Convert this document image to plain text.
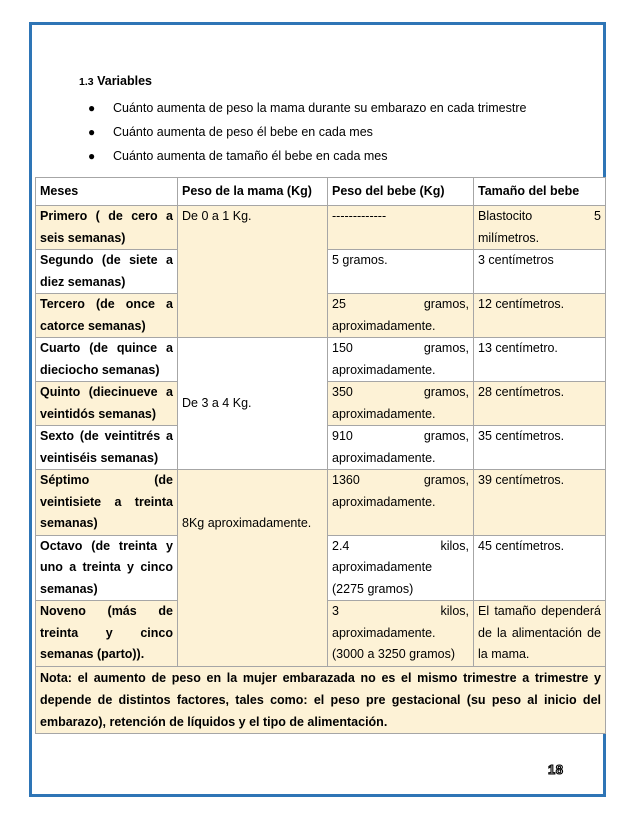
1.3 Variables
●	Cuánto aumenta de peso la mama durante su embarazo en cada trimestre
●	Cuánto aumenta de peso él bebe en cada mes
●	Cuánto aumenta de tamaño él bebe en cada mes
Meses	Peso de la mama (Kg)	Peso del bebe (Kg)	Tamaño del bebe
Primero ( de cero a
seis semanas)	De 0 a 1 Kg.	-------------	Blastocito 5
milímetros.

Segundo (de siete a
diez semanas)		5 gramos.	3 centímetros
Tercero (de once a
catorce semanas)		25 gramos,
aproximadamente.	12 centímetros.
Cuarto (de quince a
dieciocho semanas)	De 3 a 4 Kg.	150 gramos,
aproximadamente.	13 centímetro.
Quinto (diecinueve a
veintidós semanas)		350 gramos,
aproximadamente.	28 centímetros.
Sexto (de veintitrés a
veintiséis semanas)		910 gramos,
aproximadamente.	35 centímetros.
Séptimo (de
veintisiete a treinta
semanas)	8Kg aproximadamente.	1360 gramos,
aproximadamente.	39 centímetros.
Octavo (de treinta y
uno a treinta y cinco
semanas)		2.4 kilos,
aproximadamente
(2275 gramos)	45 centímetros.
Noveno (más de
treinta y cinco
semanas (parto)).		3 kilos,
aproximadamente.
(3000 a 3250 gramos)	El tamaño dependerá
de la alimentación de
la mama.

Nota: el aumento de peso en la mujer embarazada no es el mismo trimestre a trimestre y depende de distintos factores, tales como: el peso pre gestacional (su peso al inicio del embarazo), retención de líquidos y el tipo de alimentación.			
18
